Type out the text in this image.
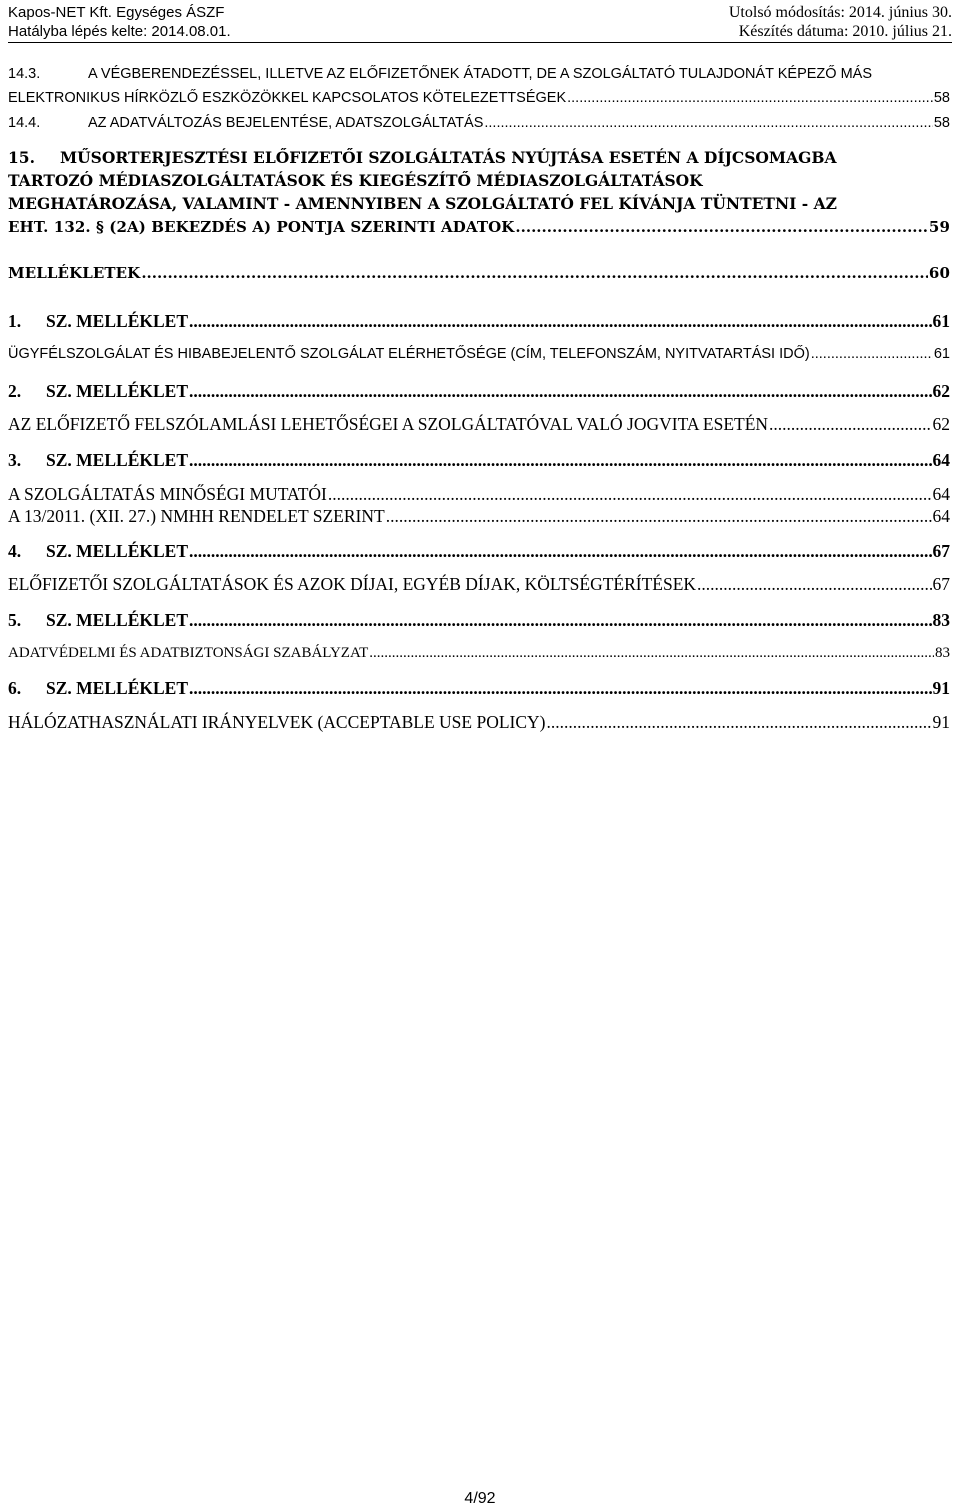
Kapos-NET Kft. Egységes ÁSZF
Hatályba lépés kelte: 2014.08.01.
Utolsó módosítás: 2014. június 30.
Készítés dátuma: 2010. július 21.
14.3.	A VÉGBERENDEZÉSSEL, ILLETVE AZ ELŐFIZETŐNEK ÁTADOTT, DE A SZOLGÁLTATÓ TULAJDONÁT KÉPEZŐ MÁS
ELEKTRONIKUS HÍRKÖZLŐ ESZKÖZÖKKEL KAPCSOLATOS KÖTELEZETTSÉGEK .....	58
14.4.	AZ ADATVÁLTOZÁS BEJELENTÉSE, ADATSZOLGÁLTATÁS .....	58
15. MŰSORTERJESZTÉSI ELŐFIZETŐI SZOLGÁLTATÁS NYÚJTÁSA ESETÉN A DÍJCSOMAGBA
TARTOZÓ MÉDIASZOLGÁLTATÁSOK ÉS KIEGÉSZÍTŐ MÉDIASZOLGÁLTATÁSOK
MEGHATÁROZÁSA, VALAMINT - AMENNYIBEN A SZOLGÁLTATÓ FEL KÍVÁNJA TÜNTETNI - AZ
EHT. 132. § (2A) BEKEZDÉS A) PONTJA SZERINTI ADATOK .....	59
MELLÉKLETEK .....	60
1.	SZ. MELLÉKLET .....	61
ÜGYFÉLSZOLGÁLAT ÉS HIBABEJELENTŐ SZOLGÁLAT ELÉRHETŐSÉGE (CÍM, TELEFONSZÁM, NYITVATARTÁSI IDŐ) .....	61
2.	SZ. MELLÉKLET .....	62
AZ ELŐFIZETŐ FELSZÓLAMLÁSI LEHETŐSÉGEI A SZOLGÁLTATÓVAL VALÓ JOGVITA ESETÉN .....	62
3.	SZ. MELLÉKLET .....	64
A SZOLGÁLTATÁS MINŐSÉGI MUTATÓI .....	64
A 13/2011. (XII. 27.) NMHH RENDELET SZERINT .....	64
4.	SZ. MELLÉKLET .....	67
ELŐFIZETŐI SZOLGÁLTATÁSOK ÉS AZOK DÍJAI, EGYÉB DÍJAK, KÖLTSÉGTÉRÍTÉSEK .....	67
5.	SZ. MELLÉKLET .....	83
ADATVÉDELMI ÉS ADATBIZTONSÁGI SZABÁLYZAT .....	83
6.	SZ. MELLÉKLET .....	91
HÁLÓZATHASZNÁLATI IRÁNYELVEK (ACCEPTABLE USE POLICY) .....	91
4/92
